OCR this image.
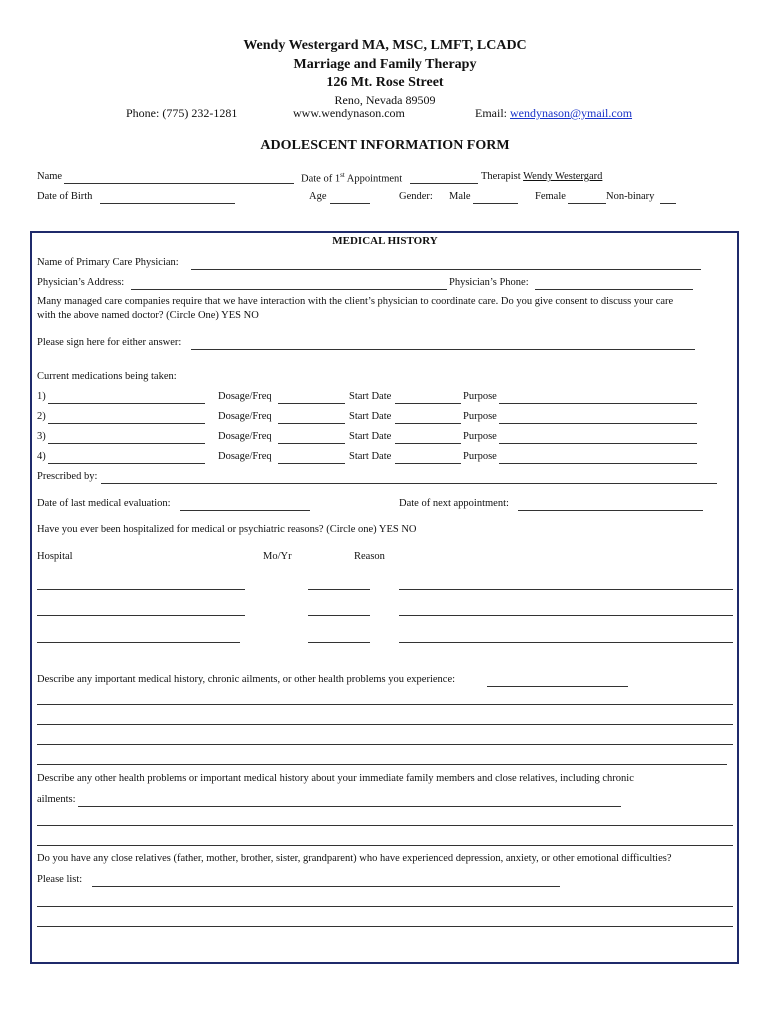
Wendy Westergard MA, MSC, LMFT, LCADC
Marriage and Family Therapy
126 Mt. Rose Street
Reno, Nevada 89509
Phone: (775) 232-1281	www.wendynason.com	Email: wendynason@ymail.com
ADOLESCENT INFORMATION FORM
Name	Date of 1st Appointment	Therapist Wendy Westergard
Date of Birth	Age	Gender: Male	Female	Non-binary
MEDICAL HISTORY
Name of Primary Care Physician:
Physician’s Address:	Physician’s Phone:
Many managed care companies require that we have interaction with the client’s physician to coordinate care. Do you give consent to discuss your care
with the above named doctor? (Circle One) YES NO
Please sign here for either answer:
Current medications being taken:
1)	Dosage/Freq	Start Date	Purpose
2)	Dosage/Freq	Start Date	Purpose
3)	Dosage/Freq	Start Date	Purpose
4)	Dosage/Freq	Start Date	Purpose
Prescribed by:
Date of last medical evaluation:	Date of next appointment:
Have you ever been hospitalized for medical or psychiatric reasons? (Circle one) YES NO
Hospital	Mo/Yr	Reason
Describe any important medical history, chronic ailments, or other health problems you experience:
Describe any other health problems or important medical history about your immediate family members and close relatives, including chronic
ailments:
Do you have any close relatives (father, mother, brother, sister, grandparent) who have experienced depression, anxiety, or other emotional difficulties?
Please list:
